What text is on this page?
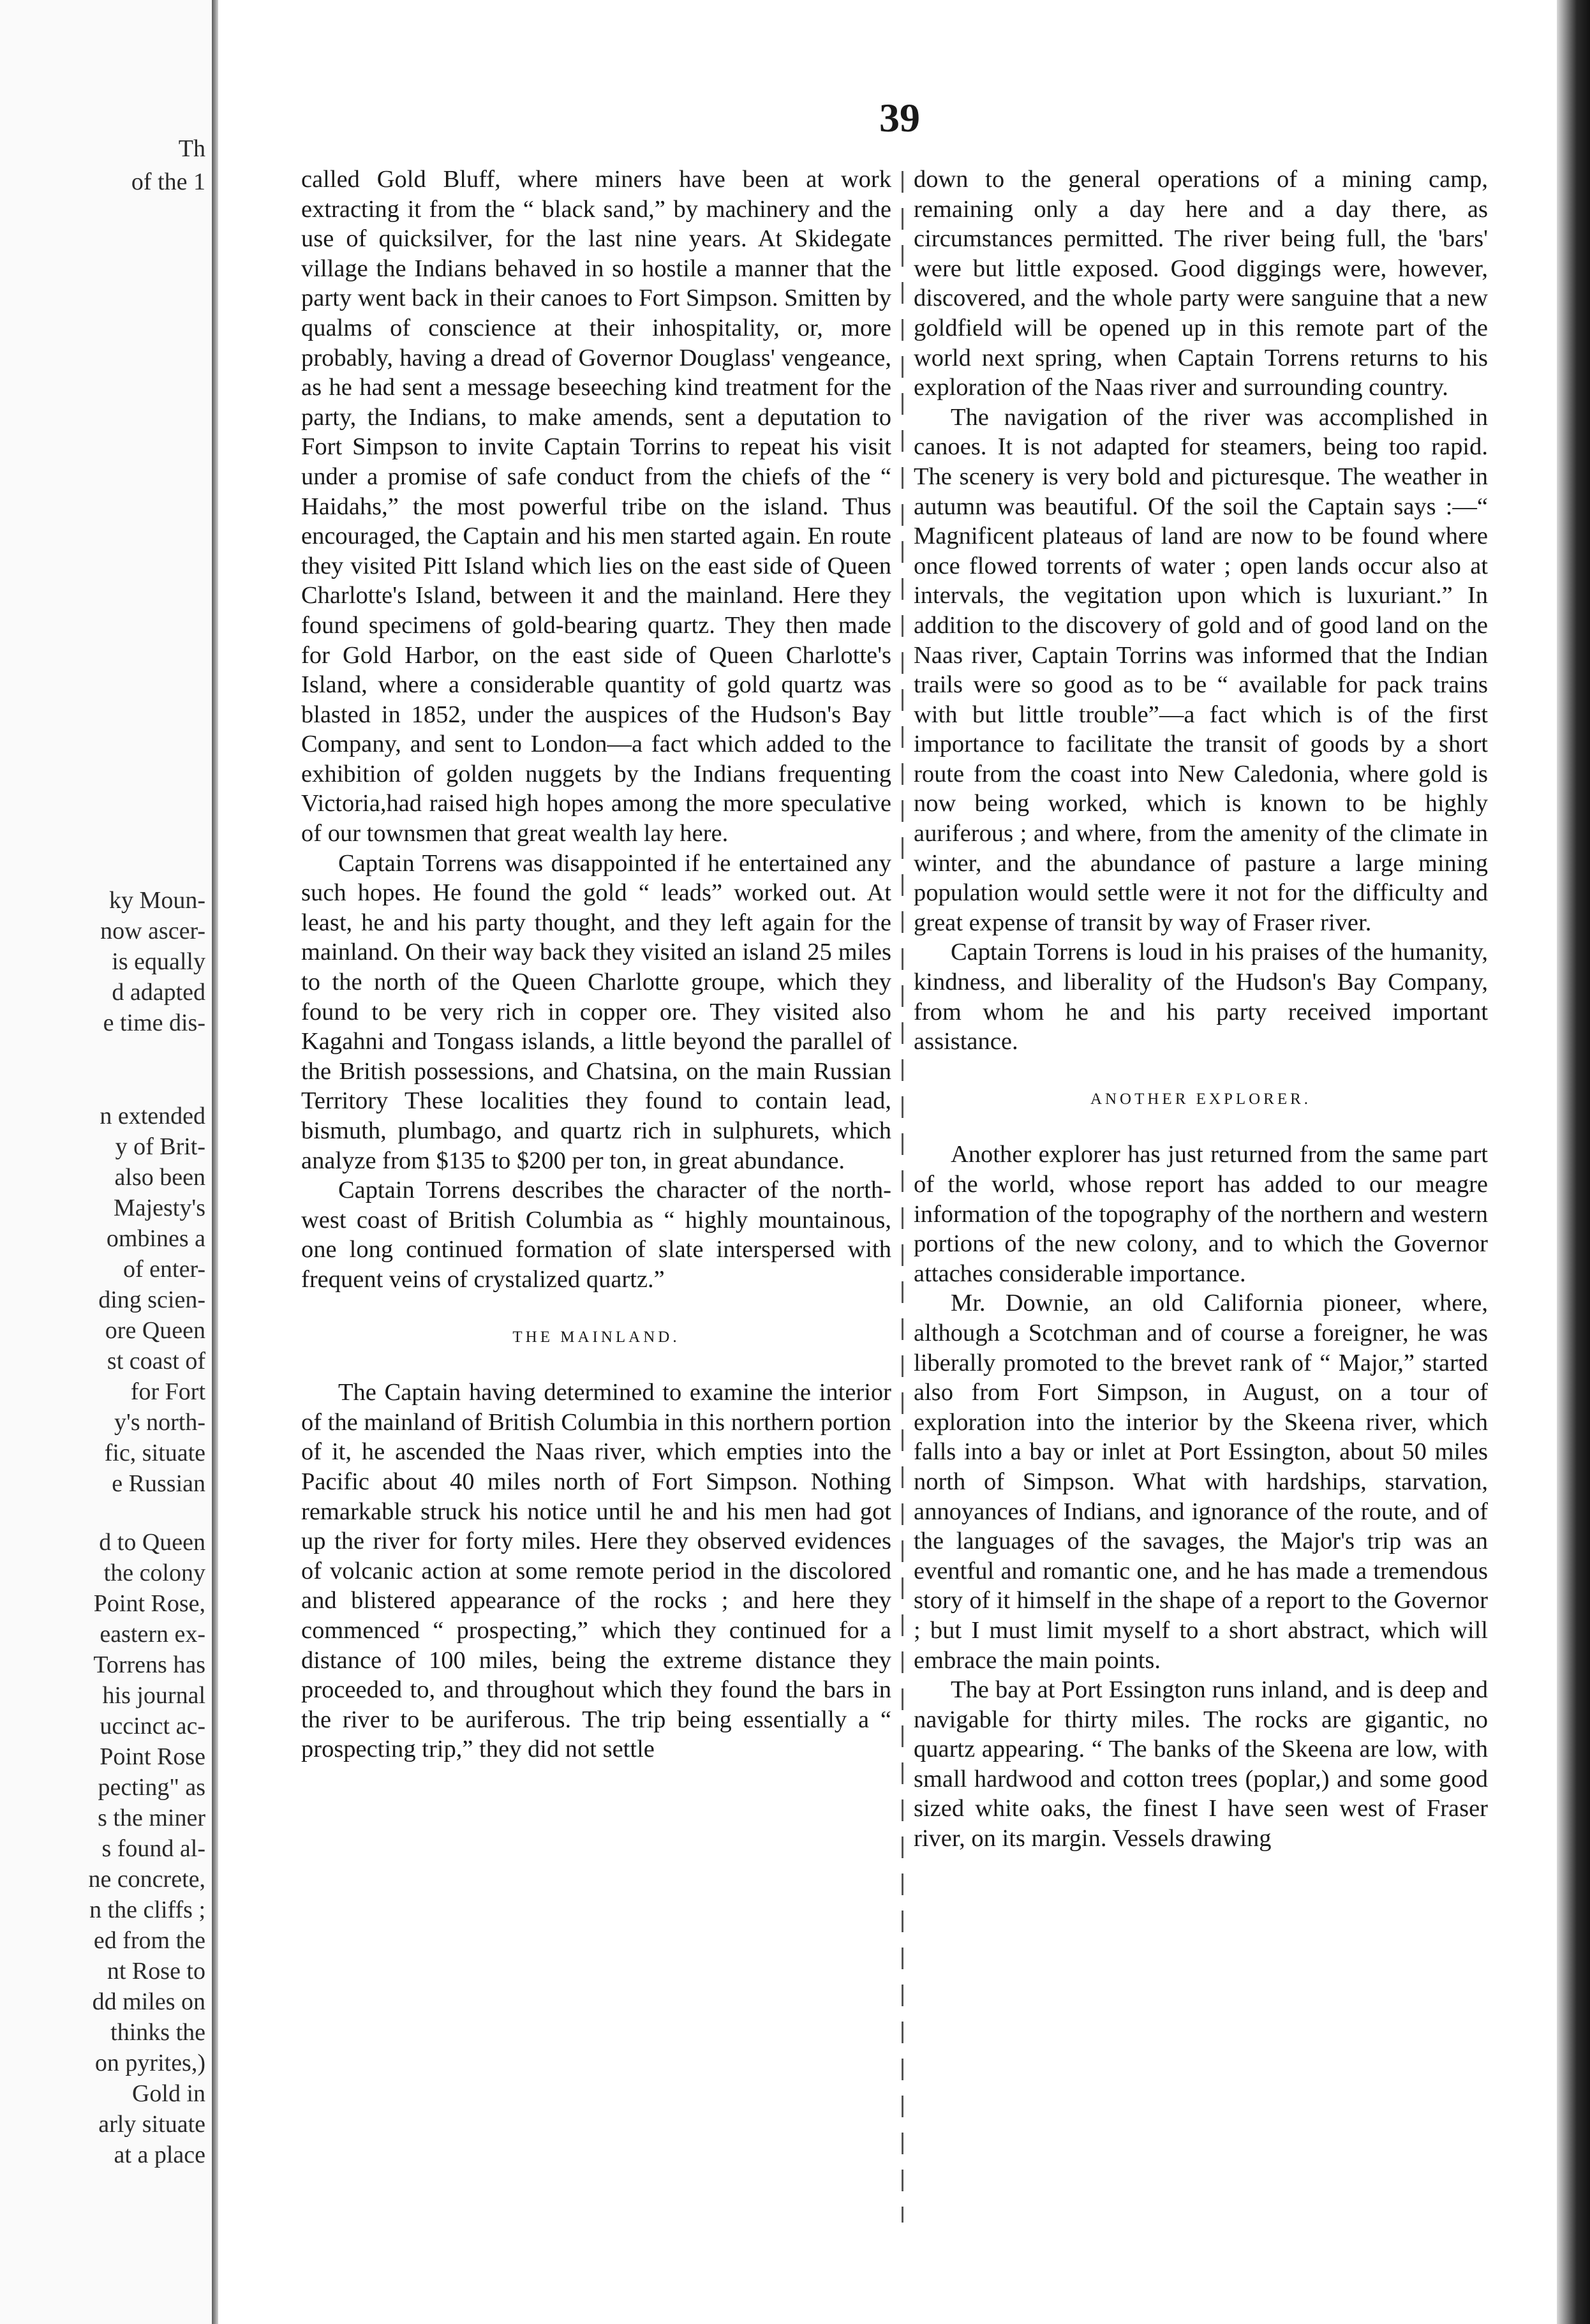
Th
of the 1
ky Moun-
now ascer-
is equally
d adapted
e time dis-
n extended
y of Brit-
also been
Majesty's
ombines a
of enter-
ding scien-
ore Queen
st coast of
for Fort
y's north-
fic, situate
e Russian
d to Queen
the colony
Point Rose,
eastern ex-
Torrens has
his journal
uccinct ac-
Point Rose
pecting" as
s the miner
s found al-
ne concrete,
n the cliffs ;
ed from the
nt Rose to
dd miles on
thinks the
on pyrites,)
Gold in
arly situate
at a place
39

called Gold Bluff, where miners have been at work extracting it from the “ black sand,” by machinery and the use of quicksilver, for the last nine years. At Skidegate village the Indians behaved in so hostile a manner that the party went back in their canoes to Fort Simpson. Smitten by qualms of conscience at their inhospitality, or, more probably, having a dread of Governor Douglass' vengeance, as he had sent a message beseeching kind treatment for the party, the Indians, to make amends, sent a deputation to Fort Simpson to invite Captain Torrins to repeat his visit under a promise of safe conduct from the chiefs of the “ Haidahs,” the most powerful tribe on the island. Thus encouraged, the Captain and his men started again. En route they visited Pitt Island which lies on the east side of Queen Charlotte's Island, between it and the mainland. Here they found specimens of gold-bearing quartz. They then made for Gold Harbor, on the east side of Queen Charlotte's Island, where a considerable quantity of gold quartz was blasted in 1852, under the auspices of the Hudson's Bay Company, and sent to London—a fact which added to the exhibition of golden nuggets by the Indians frequenting Victoria,had raised high hopes among the more speculative of our townsmen that great wealth lay here.

Captain Torrens was disappointed if he entertained any such hopes. He found the gold “ leads” worked out. At least, he and his party thought, and they left again for the mainland. On their way back they visited an island 25 miles to the north of the Queen Charlotte groupe, which they found to be very rich in copper ore. They visited also Kagahni and Tongass islands, a little beyond the parallel of the British possessions, and Chatsina, on the main Russian Territory These localities they found to contain lead, bismuth, plumbago, and quartz rich in sulphurets, which analyze from $135 to $200 per ton, in great abundance.

Captain Torrens describes the character of the north-west coast of British Columbia as “ highly mountainous, one long continued formation of slate interspersed with frequent veins of crystalized quartz.”

THE MAINLAND.

The Captain having determined to examine the interior of the mainland of British Columbia in this northern portion of it, he ascended the Naas river, which empties into the Pacific about 40 miles north of Fort Simpson. Nothing remarkable struck his notice until he and his men had got up the river for forty miles. Here they observed evidences of volcanic action at some remote period in the discolored and blistered appearance of the rocks ; and here they commenced “ prospecting,” which they continued for a distance of 100 miles, being the extreme distance they proceeded to, and throughout which they found the bars in the river to be auriferous. The trip being essentially a “ prospecting trip,” they did not settle

down to the general operations of a mining camp, remaining only a day here and a day there, as circumstances permitted. The river being full, the 'bars' were but little exposed. Good diggings were, however, discovered, and the whole party were sanguine that a new goldfield will be opened up in this remote part of the world next spring, when Captain Torrens returns to his exploration of the Naas river and surrounding country.

The navigation of the river was accomplished in canoes. It is not adapted for steamers, being too rapid. The scenery is very bold and picturesque. The weather in autumn was beautiful. Of the soil the Captain says :—“ Magnificent plateaus of land are now to be found where once flowed torrents of water ; open lands occur also at intervals, the vegitation upon which is luxuriant.” In addition to the discovery of gold and of good land on the Naas river, Captain Torrins was informed that the Indian trails were so good as to be “ available for pack trains with but little trouble”—a fact which is of the first importance to facilitate the transit of goods by a short route from the coast into New Caledonia, where gold is now being worked, which is known to be highly auriferous ; and where, from the amenity of the climate in winter, and the abundance of pasture a large mining population would settle were it not for the difficulty and great expense of transit by way of Fraser river.

Captain Torrens is loud in his praises of the humanity, kindness, and liberality of the Hudson's Bay Company, from whom he and his party received important assistance.

ANOTHER EXPLORER.

Another explorer has just returned from the same part of the world, whose report has added to our meagre information of the topography of the northern and western portions of the new colony, and to which the Governor attaches considerable importance.

Mr. Downie, an old California pioneer, where, although a Scotchman and of course a foreigner, he was liberally promoted to the brevet rank of “ Major,” started also from Fort Simpson, in August, on a tour of exploration into the interior by the Skeena river, which falls into a bay or inlet at Port Essington, about 50 miles north of Simpson. What with hardships, starvation, annoyances of Indians, and ignorance of the route, and of the languages of the savages, the Major's trip was an eventful and romantic one, and he has made a tremendous story of it himself in the shape of a report to the Governor ; but I must limit myself to a short abstract, which will embrace the main points.

The bay at Port Essington runs inland, and is deep and navigable for thirty miles. The rocks are gigantic, no quartz appearing. “ The banks of the Skeena are low, with small hardwood and cotton trees (poplar,) and some good sized white oaks, the finest I have seen west of Fraser river, on its margin. Vessels drawing
